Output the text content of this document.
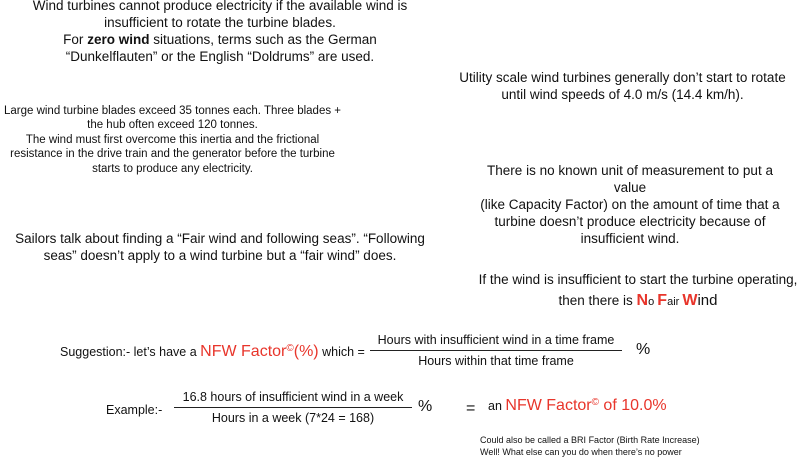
Wind turbines cannot produce electricity if the available wind is
insufficient to rotate the turbine blades.
For zero wind situations, terms such as the German
“Dunkelflauten” or the English “Doldrums” are used.
Utility scale wind turbines generally don’t start to rotate
until wind speeds of 4.0 m/s (14.4 km/h).
Large wind turbine blades exceed 35 tonnes each. Three blades +
the hub often exceed 120 tonnes.
The wind must first overcome this inertia and the frictional
resistance in the drive train and the generator before the turbine
starts to produce any electricity.	There is no known unit of measurement to put a value
(like Capacity Factor) on the amount of time that a
turbine doesn’t produce electricity because of
insufficient wind.
Sailors talk about finding a “Fair wind and following seas”. “Following
seas” doesn’t apply to a wind turbine but a “fair wind” does.
If the wind is insufficient to start the turbine operating,
then there is No Fair Wind
Suggestion:- let’s have a NFW Factor©(%) which =
Hours with insufficient wind in a time frame
Hours within that time frame
%
Example:-
16.8 hours of insufficient wind in a week
Hours in a week (7*24 = 168)
% = an NFW Factor© of 10.0%
Could also be called a BRI Factor (Birth Rate Increase)
Well! What else can you do when there’s no power
